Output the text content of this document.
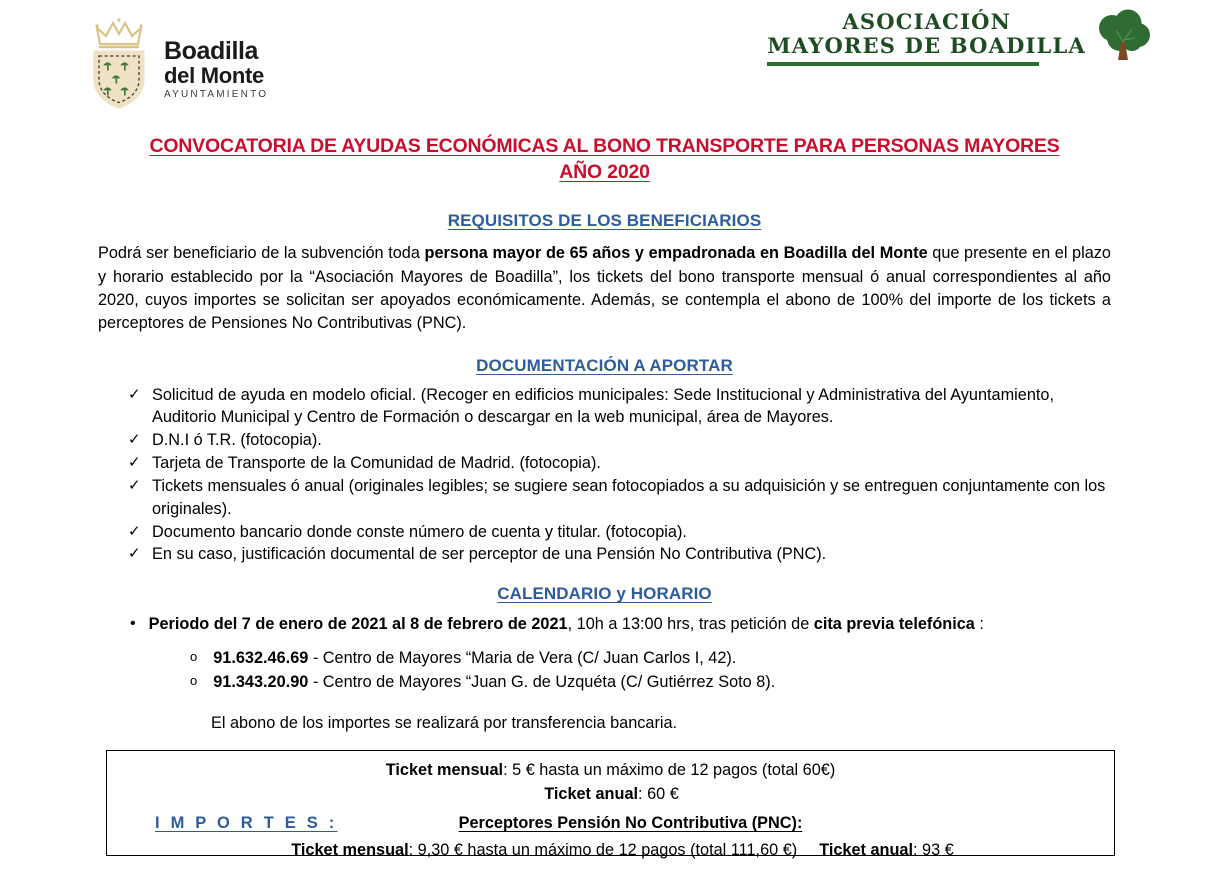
Boadilla
del Monte
AYUNTAMIENTO
ASOCIACIÓN
MAYORES DE BOADILLA
CONVOCATORIA DE AYUDAS ECONÓMICAS AL BONO TRANSPORTE PARA PERSONAS MAYORES
AÑO 2020
REQUISITOS DE LOS BENEFICIARIOS
Podrá ser beneficiario de la subvención toda persona mayor de 65 años y empadronada en Boadilla del Monte que presente en el plazo y horario establecido por la “Asociación Mayores de Boadilla”, los tickets del bono transporte mensual ó anual correspondientes al año 2020, cuyos importes se solicitan ser apoyados económicamente. Además, se contempla el abono de 100% del importe de los tickets a perceptores de Pensiones No Contributivas (PNC).
DOCUMENTACIÓN A APORTAR
✓ Solicitud de ayuda en modelo oficial. (Recoger en edificios municipales: Sede Institucional y Administrativa del Ayuntamiento, Auditorio Municipal y Centro de Formación o descargar en la web municipal, área de Mayores.
✓ D.N.I ó T.R. (fotocopia).
✓ Tarjeta de Transporte de la Comunidad de Madrid. (fotocopia).
✓ Tickets mensuales ó anual (originales legibles; se sugiere sean fotocopiados a su adquisición y se entreguen conjuntamente con los originales).
✓ Documento bancario donde conste número de cuenta y titular. (fotocopia).
✓ En su caso, justificación documental de ser perceptor de una Pensión No Contributiva (PNC).
CALENDARIO y HORARIO
• Periodo del 7 de enero de 2021 al 8 de febrero de 2021, 10h a 13:00 hrs, tras petición de cita previa telefónica :
o 91.632.46.69 - Centro de Mayores “Maria de Vera (C/ Juan Carlos I, 42).
o 91.343.20.90 - Centro de Mayores “Juan G. de Uzquéta (C/ Gutiérrez Soto 8).
El abono de los importes se realizará por transferencia bancaria.
Ticket mensual: 5 € hasta un máximo de 12 pagos (total 60€)
Ticket anual: 60 €
I M P O R T E S :	Perceptores Pensión No Contributiva (PNC):
Ticket mensual: 9,30 € hasta un máximo de 12 pagos (total 111,60 €) Ticket anual: 93 €
